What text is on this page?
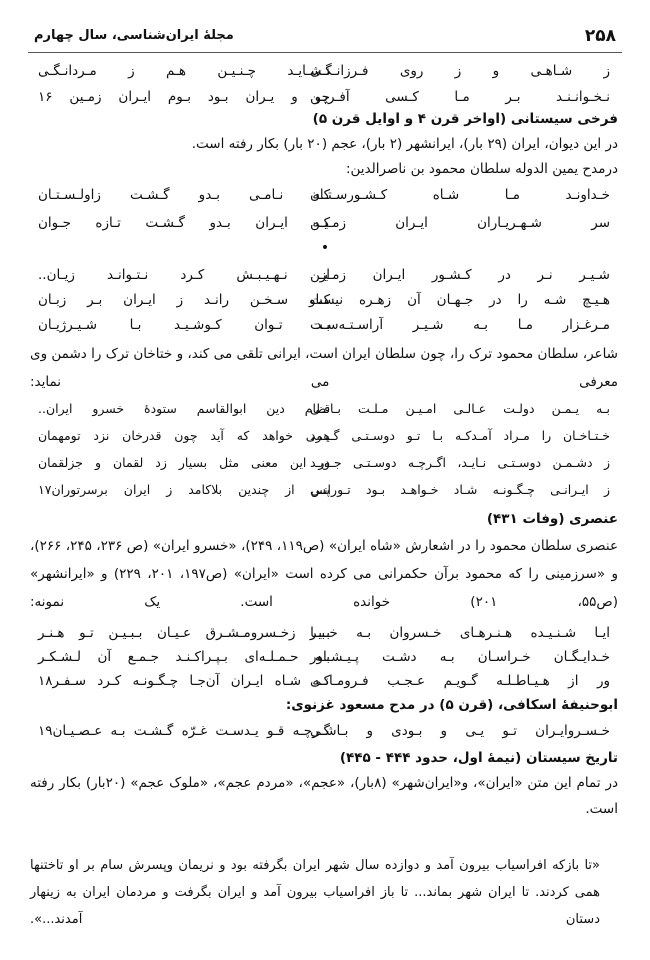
۲۵۸
مجلۀ ایران‌شناسی، سال چهارم
ز شـاهـی و ز روی فـرزانـگـی
نـشـایـد چـنـیـن هـم ز مـردانـگـی
نـخـوانـنـد بـر مـا کـسی آفـریـن
چو و یـران بـود بـوم ایـران زمـین ۱۶
فرخی سیستانی (اواخر قرن ۴ و اوایل قرن ۵)
در این دیوان، ایران (۲۹ بار)، ایرانشهر (۲ بار)، عجم (۲۰ بار) بکار رفته است.
درمدح یمین الدوله سلطان محمود بن ناصرالدین:
خـداونـد مـا شـاه کـشـورسـتـان
کـه نـامـی بـدو گـشـت زاولـسـتـان
سر شـهـریـاران ایـران زمـیـن
کـه ایـران بـدو گـشـت تـازه جـوان
•
شـیـر نـر در کـشـور ایـران زمـیـن
از نـهـیـبـش کـرد نـتـوانـد زیـان..
هـیـچ شـه را در جـهـان آن زهـره نیست
کـاو سـخـن رانـد ز ایـران بـر زبـان
مـرغـزار مـا بـه شـیـر آراسـتـه‌سـت
بـد تـوان کـوشـیـد بـا شـیـرژیـان
شاعر، سلطان محمود ترک را، چون سلطان ایران است، ایرانی تلقی می کند، و ختاخان ترک را دشمن وی معرفی می نماید:
بـه یـمـن دولـت عـالـی امـیـن مـلـت بـاقـی
نظام دین ابوالقاسم ستودۀ خسرو ایران..
خـتـاخـان را مـراد آمـدکـه بـا تـو دوسـتـی گـیـرد
همی خواهد که آید چون قدرخان نزد تومهمان
ز دشـمـن دوسـتـی نـایـد، اگـرچـه دوسـتـی جـویـد
در این معنی مثل بسیار زد لقمان و جزلقمان
ز ایـرانـی چـگـونـه شـاد خـواهـد بـود تـورانـی
پس از چندین بلاکامد ز ایران برسرتوران۱۷
عنصری (وفات ۴۳۱)
عنصری سلطان محمود را در اشعارش «شاه ایران» (ص۱۱۹، ۲۴۹)، «خسرو ایران» (ص ۲۳۶، ۲۴۵، ۲۶۶)، و «سرزمینی را که محمود برآن حکمرانی می کرده است «ایران» (ص۱۹۷، ۲۰۱، ۲۲۹) و «ایرانشهر» (ص۵۵، ۲۰۱) خوانده است. یک نمونه:
ایـا شـنـیـده هـنـرهـای خـسروان بـه خـبـر
بـیـا زخـسرومـشـرق عـیـان بـبـیـن تـو هـنـر
خـدایـگـان خـراسـان بـه دشـت پـیـشـاور
بـه حـمـلـه‌ای بـپـراکـنـد جـمـع آن لـشـکـر
ور از هـیـاطـلـه گـویـم عـجـب فـرومـانـی
کـه شـاه ایـران آن‌جـا چـگـونـه کـرد سـفـر۱۸
ابوحنیفۀ اسکافی، (قرن ۵) در مدح مسعود غزنوی:
خـسـروایـران تـو یـی و بـودی و بـاشـی
گـرچـه قـو یـدسـت غـرّه گـشـت بـه عـصـیـان۱۹
تاریخ سیستان (نیمۀ اول، حدود ۴۴۴ - ۴۴۵)
در تمام این متن «ایران»، و«ایران‌شهر» (۸بار)، «عجم»، «مردم عجم»، «ملوک عجم» (۲۰بار) بکار رفته است.
«تا بازکه افراسیاب بیرون آمد و دوازده سال شهر ایران بگرفته بود و نریمان وپسرش سام بر او تاختنها همی کردند. تا ایران شهر بماند... تا باز افراسیاب بیرون آمد و ایران بگرفت و مردمان ایران به زینهار دستان آمدند...».
